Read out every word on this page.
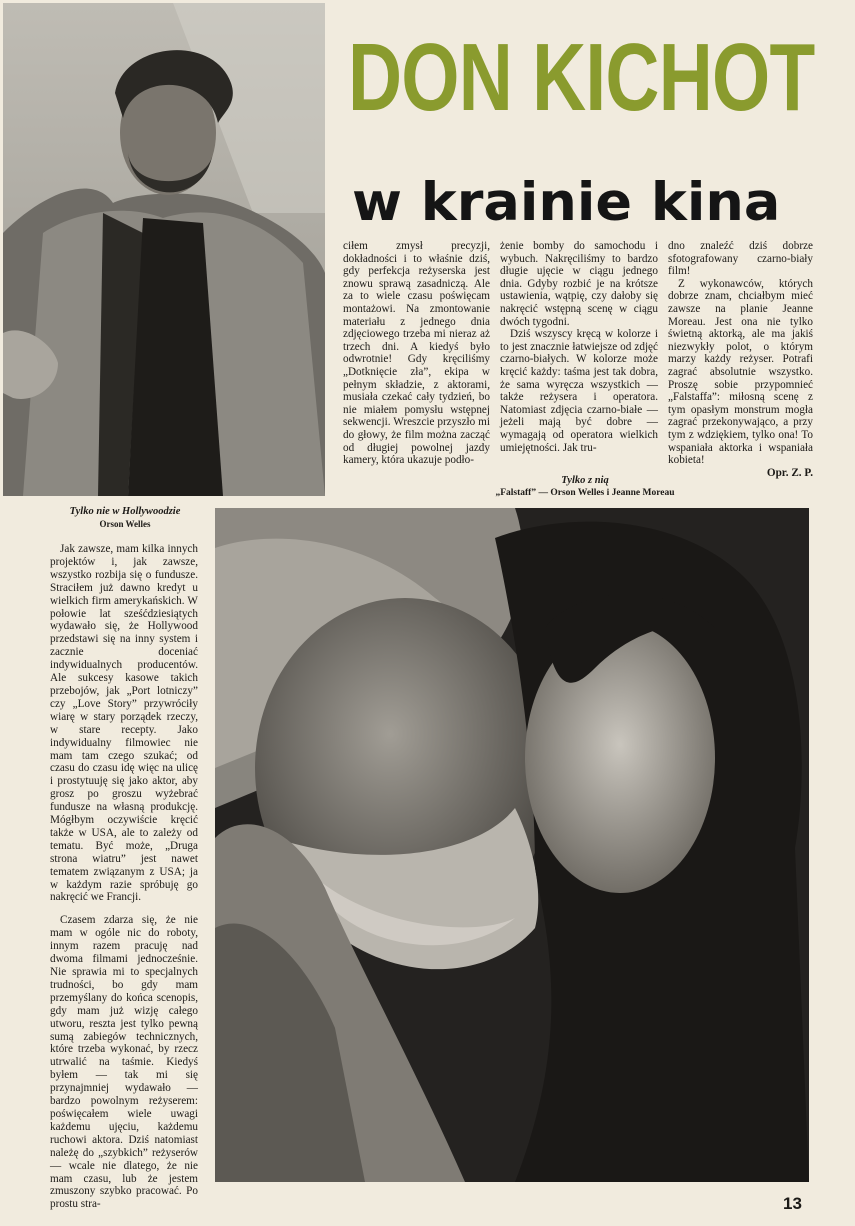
DON KICHOT
w krainie kina

ciłem zmysł precyzji, dokładności i to właśnie dziś, gdy perfekcja reżyserska jest znowu sprawą zasadniczą. Ale za to wiele czasu poświęcam montażowi. Na zmontowanie materiału z jednego dnia zdjęciowego trzeba mi nieraz aż trzech dni. A kiedyś było odwrotnie! Gdy kręciliśmy „Dotknięcie zła”, ekipa w pełnym składzie, z aktorami, musiała czekać cały tydzień, bo nie miałem pomysłu wstępnej sekwencji. Wreszcie przyszło mi do głowy, że film można zacząć od długiej powolnej jazdy kamery, która ukazuje podło-

żenie bomby do samochodu i wybuch. Nakręciliśmy to bardzo długie ujęcie w ciągu jednego dnia. Gdyby rozbić je na krótsze ustawienia, wątpię, czy dałoby się nakręcić wstępną scenę w ciągu dwóch tygodni.

Dziś wszyscy kręcą w kolorze i to jest znacznie łatwiejsze od zdjęć czarno-białych. W kolorze może kręcić każdy: taśma jest tak dobra, że sama wyręcza wszystkich — także reżysera i operatora. Natomiast zdjęcia czarno-białe — jeżeli mają być dobre — wymagają od operatora wielkich umiejętności. Jak tru-

dno znaleźć dziś dobrze sfotografowany czarno-biały film!

Z wykonawców, których dobrze znam, chciałbym mieć zawsze na planie Jeanne Moreau. Jest ona nie tylko świetną aktorką, ale ma jakiś niezwykły polot, o którym marzy każdy reżyser. Potrafi zagrać absolutnie wszystko. Proszę sobie przypomnieć „Falstaffa”: miłosną scenę z tym opasłym monstrum mogła zagrać przekonywająco, a przy tym z wdziękiem, tylko ona! To wspaniała aktorka i wspaniała kobieta!

Opr. Z. P.

Tylko z nią
„Falstaff” — Orson Welles i Jeanne Moreau
Tylko nie w Hollywoodzie
Orson Welles

Jak zawsze, mam kilka innych projektów i, jak zawsze, wszystko rozbija się o fundusze. Straciłem już dawno kredyt u wielkich firm amerykańskich. W połowie lat sześćdziesiątych wydawało się, że Hollywood przedstawi się na inny system i zacznie doceniać indywidualnych producentów. Ale sukcesy kasowe takich przebojów, jak „Port lotniczy” czy „Love Story” przywróciły wiarę w stary porządek rzeczy, w stare recepty. Jako indywidualny filmowiec nie mam tam czego szukać; od czasu do czasu idę więc na ulicę i prostytuuję się jako aktor, aby grosz po groszu wyżebrać fundusze na własną produkcję. Mógłbym oczywiście kręcić także w USA, ale to zależy od tematu. Być może, „Druga strona wiatru” jest nawet tematem związanym z USA; ja w każdym razie spróbuję go nakręcić we Francji.

Czasem zdarza się, że nie mam w ogóle nic do roboty, innym razem pracuję nad dwoma filmami jednocześnie. Nie sprawia mi to specjalnych trudności, bo gdy mam przemyślany do końca scenopis, gdy mam już wizję całego utworu, reszta jest tylko pewną sumą zabiegów technicznych, które trzeba wykonać, by rzecz utrwalić na taśmie. Kiedyś byłem — tak mi się przynajmniej wydawało — bardzo powolnym reżyserem: poświęcałem wiele uwagi każdemu ujęciu, każdemu ruchowi aktora. Dziś natomiast należę do „szybkich” reżyserów — wcale nie dlatego, że nie mam czasu, lub że jestem zmuszony szybko pracować. Po prostu stra-	13
